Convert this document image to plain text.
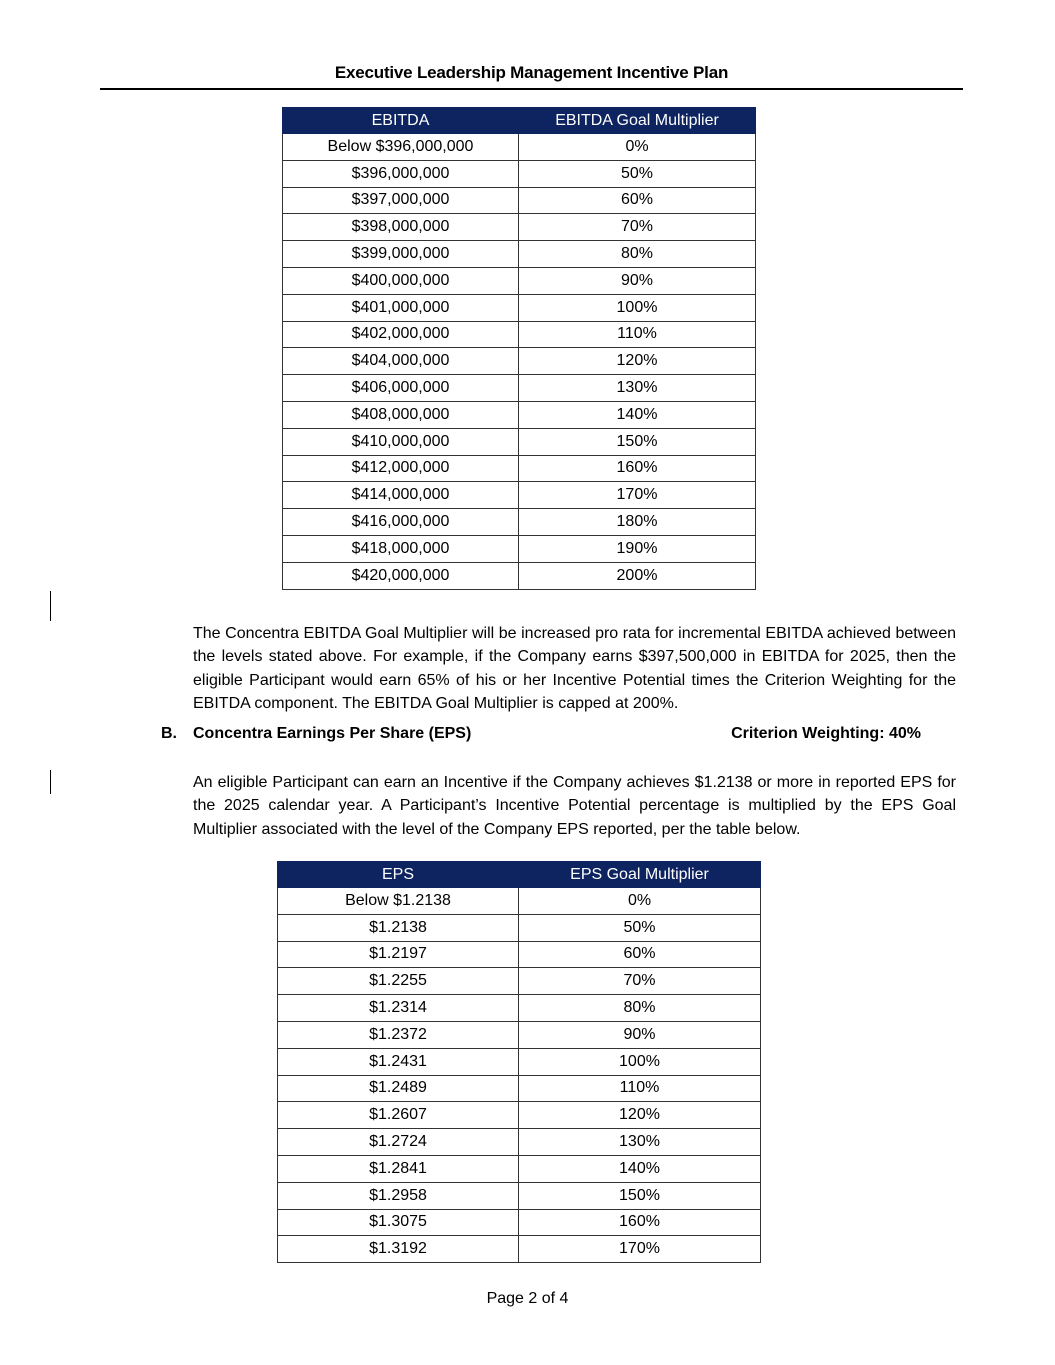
Executive Leadership Management Incentive Plan
EBITDA	EBITDA Goal Multiplier
Below $396,000,000	0%
$396,000,000	50%
$397,000,000	60%
$398,000,000	70%
$399,000,000	80%
$400,000,000	90%
$401,000,000	100%
$402,000,000	110%
$404,000,000	120%
$406,000,000	130%
$408,000,000	140%
$410,000,000	150%
$412,000,000	160%
$414,000,000	170%
$416,000,000	180%
$418,000,000	190%
$420,000,000	200%
The Concentra EBITDA Goal Multiplier will be increased pro rata for incremental EBITDA achieved between the levels stated above. For example, if the Company earns $397,500,000 in EBITDA for 2025, then the eligible Participant would earn 65% of his or her Incentive Potential times the Criterion Weighting for the EBITDA component. The EBITDA Goal Multiplier is capped at 200%.
B. Concentra Earnings Per Share (EPS)	Criterion Weighting: 40%
An eligible Participant can earn an Incentive if the Company achieves $1.2138 or more in reported EPS for the 2025 calendar year. A Participant’s Incentive Potential percentage is multiplied by the EPS Goal Multiplier associated with the level of the Company EPS reported, per the table below.
EPS	EPS Goal Multiplier
Below $1.2138	0%
$1.2138	50%
$1.2197	60%
$1.2255	70%
$1.2314	80%
$1.2372	90%
$1.2431	100%
$1.2489	110%
$1.2607	120%
$1.2724	130%
$1.2841	140%
$1.2958	150%
$1.3075	160%
$1.3192	170%
Page 2 of 4
